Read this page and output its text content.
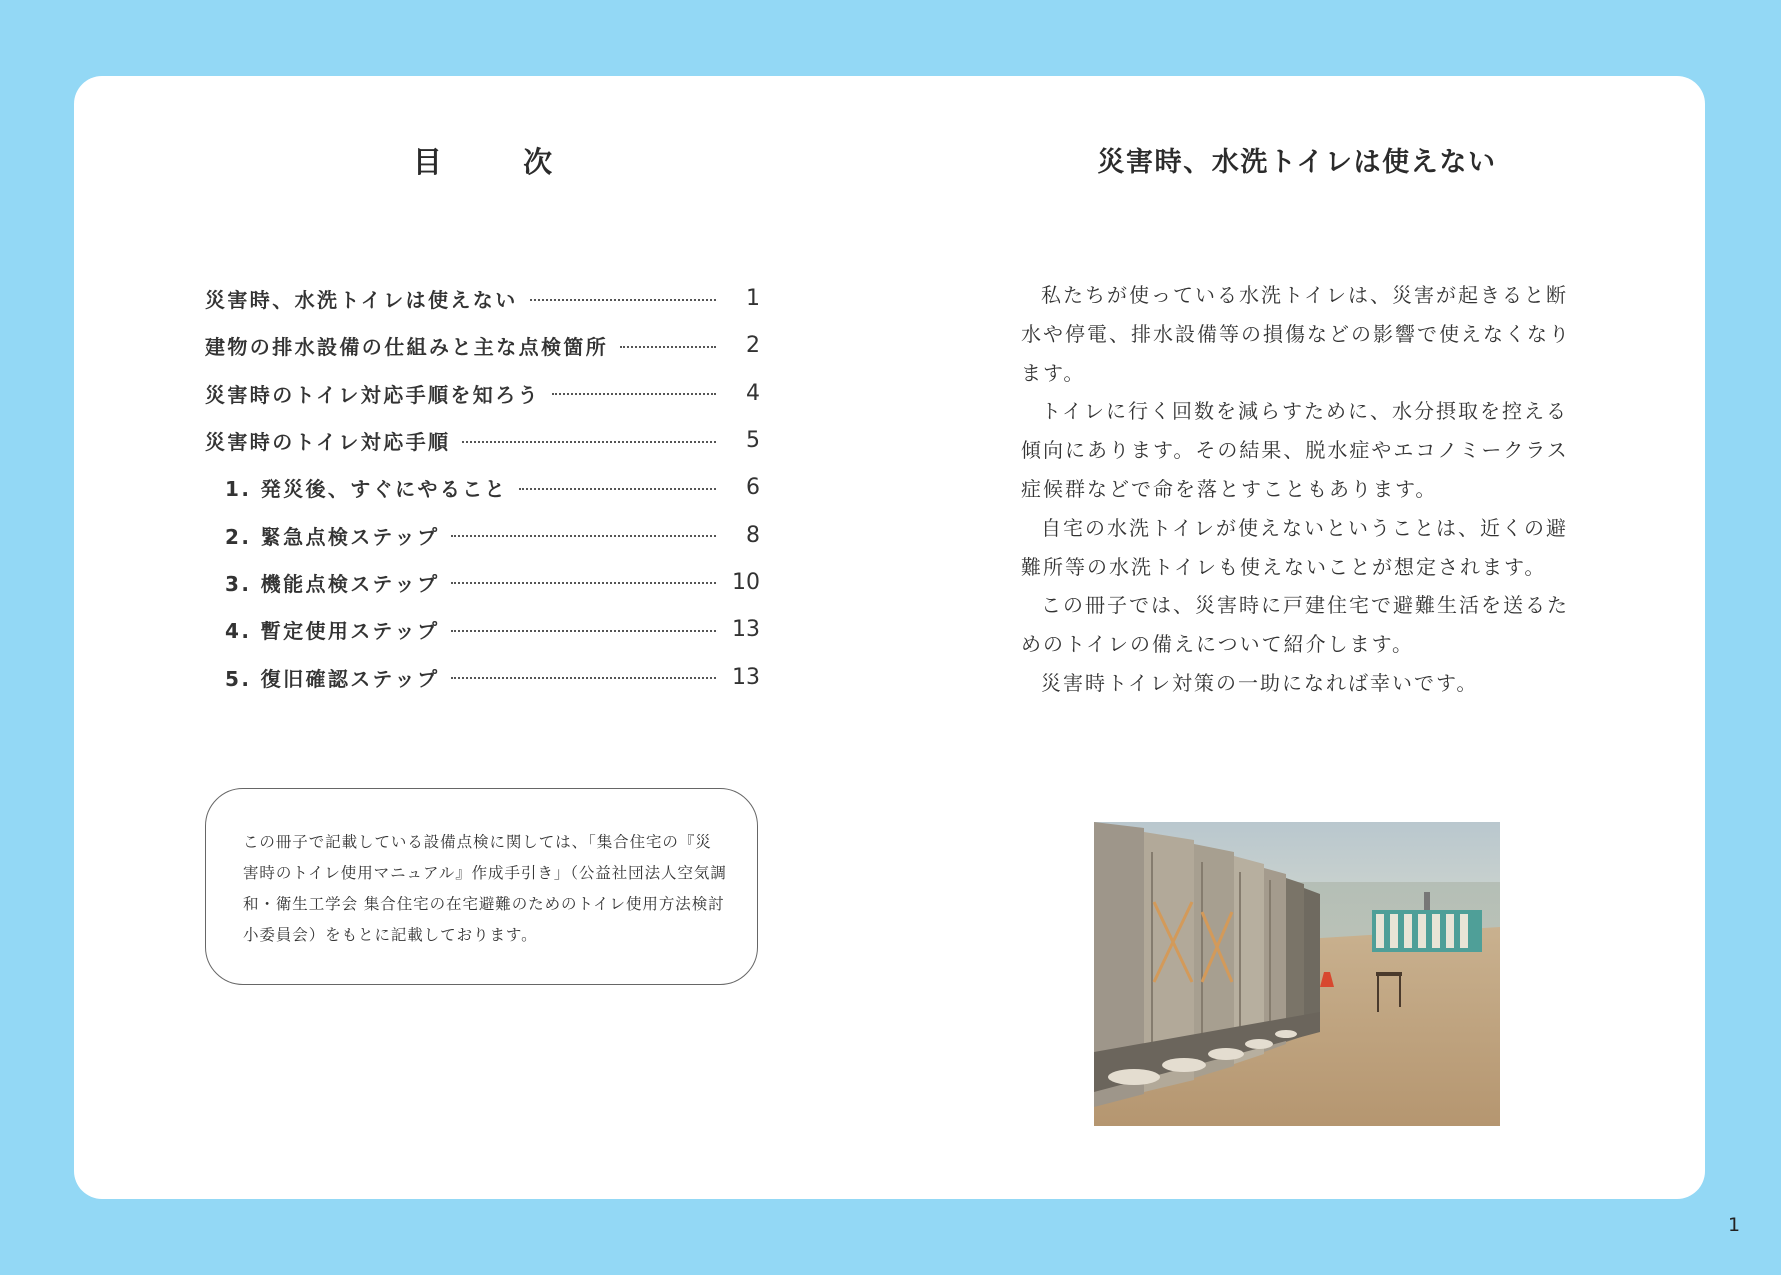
目　次
災害時、水洗トイレは使えない	1
建物の排水設備の仕組みと主な点検箇所	2
災害時のトイレ対応手順を知ろう	4
災害時のトイレ対応手順	5
1. 発災後、すぐにやること	6
2. 緊急点検ステップ	8
3. 機能点検ステップ	10
4. 暫定使用ステップ	13
5. 復旧確認ステップ	13
この冊子で記載している設備点検に関しては、「集合住宅の『災害時のトイレ使用マニュアル』作成手引き」（公益社団法人空気調和・衛生工学会 集合住宅の在宅避難のためのトイレ使用方法検討小委員会）をもとに記載しております。
災害時、水洗トイレは使えない

私たちが使っている水洗トイレは、災害が起きると断水や停電、排水設備等の損傷などの影響で使えなくなります。

トイレに行く回数を減らすために、水分摂取を控える傾向にあります。その結果、脱水症やエコノミークラス症候群などで命を落とすこともあります。

自宅の水洗トイレが使えないということは、近くの避難所等の水洗トイレも使えないことが想定されます。

この冊子では、災害時に戸建住宅で避難生活を送るためのトイレの備えについて紹介します。

災害時トイレ対策の一助になれば幸いです。

1
